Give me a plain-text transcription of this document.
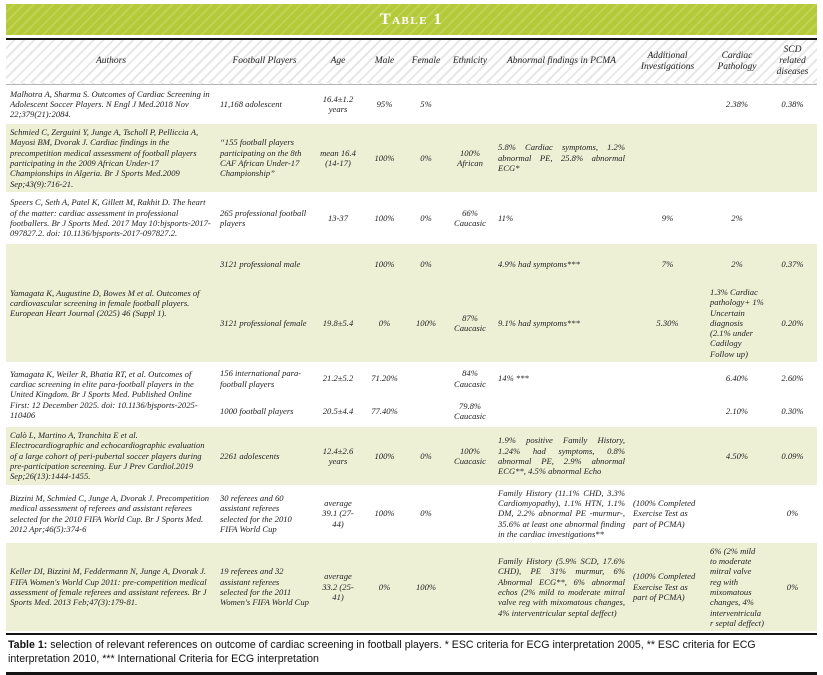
Table 1
Authors	Football Players	Age	Male	Female	Ethnicity	Abnormal findings in PCMA	Additional Investigations	Cardiac Pathology	SCD related diseases
Malhotra A, Sharma S. Outcomes of Cardiac Screening in Adolescent Soccer Players. N Engl J Med.2018 Nov 22;379(21):2084.	11,168 adolescent	16.4±1.2 years	95%	5%				2.38%	0.38%
Schmied C, Zerguini Y, Junge A, Tscholl P, Pelliccia A, Mayosi BM, Dvorak J. Cardiac findings in the precompetition medical assessment of football players participating in the 2009 African Under-17 Championships in Algeria. Br J Sports Med.2009 Sep;43(9):716-21.	“155 football players participating on the 8th CAF African Under-17 Championship”	mean 16.4 (14-17)	100%	0%	100% African	5.8% Cardiac symptoms, 1.2% abnormal PE, 25.8% abnormal ECG*			
Speers C, Seth A, Patel K, Gillett M, Rakhit D. The heart of the matter: cardiac assessment in professional footballers. Br J Sports Med. 2017 May 10:bjsports-2017-097827.2. doi: 10.1136/bjsports-2017-097827.2.	265 professional football players	13-37	100%	0%	66% Caucasic	11%	9%	2%	
Yamagata K, Augustine D, Bowes M et al. Outcomes of cardiovascular screening in female football players. European Heart Journal (2025) 46 (Suppl 1).	3121 professional male		100%	0%		4.9% had symptoms***	7%	2%	0.37%
	3121 professional female	19.8±5.4	0%	100%	87% Caucasic	9.1% had symptoms***	5.30%	1.3% Cardiac pathology+ 1% Uncertain diagnosis (2.1% under Cadilogy Follow up)	0.20%
Yamagata K, Weiler R, Bhatia RT, et al. Outcomes of cardiac screening in elite para-football players in the United Kingdom. Br J Sports Med. Published Online First: 12 December 2025. doi: 10.1136/bjsports-2025-110406	156 international para-football players	21.2±5.2	71.20%		84% Caucasic	14% ***		6.40%	2.60%
	1000 football players	20.5±4.4	77.40%		79.8% Caucasic			2.10%	0.30%
Calò L, Martino A, Tranchita E et al. Electrocardiographic and echocardiographic evaluation of a large cohort of peri-pubertal soccer players during pre-participation screening. Eur J Prev Cardiol.2019 Sep;26(13):1444-1455.	2261 adolescents	12.4±2.6 years	100%	0%	100% Cuacasic	1.9% positive Family History, 1.24% had symptoms, 0.8% abnormal PE, 2.9% abnormal ECG**, 4.5% abnormal Echo		4.50%	0.09%
Bizzini M, Schmied C, Junge A, Dvorak J. Precompetition medical assessment of referees and assistant referees selected for the 2010 FIFA World Cup. Br J Sports Med. 2012 Apr;46(5):374-6	30 referees and 60 assistant referees selected for the 2010 FIFA World Cup	average 39.1 (27-44)	100%	0%		Family History (11.1% CHD, 3.3% Cardiomyopathy), 1.1% HTN, 1.1% DM, 2.2% abnormal PE -murmur-, 35.6% at least one abnormal finding in the cardiac investigations**	(100% Completed Exercise Test as part of PCMA)		0%
Keller DI, Bizzini M, Feddermann N, Junge A, Dvorak J. FIFA Women's World Cup 2011: pre-competition medical assessment of female referees and assistant referees. Br J Sports Med. 2013 Feb;47(3):179-81.	19 referees and 32 assistant referees selected for the 2011 Women's FIFA World Cup	average 33.2 (25-41)	0%	100%		Family History (5.9% SCD, 17.6% CHD), PE 31% murmur, 6% Abnormal ECG**, 6% abnormal echos (2% mild to moderate mitral valve reg with mixomatous changes, 4% interventricular septal deffect)	(100% Completed Exercise Test as part of PCMA)	6% (2% mild to moderate mitral valve reg with mixomatous changes, 4% interventricular septal deffect)	0%
Table 1: selection of relevant references on outcome of cardiac screening in football players. * ESC criteria for ECG interpretation 2005, ** ESC criteria for ECG interpretation 2010, *** International Criteria for ECG interpretation
